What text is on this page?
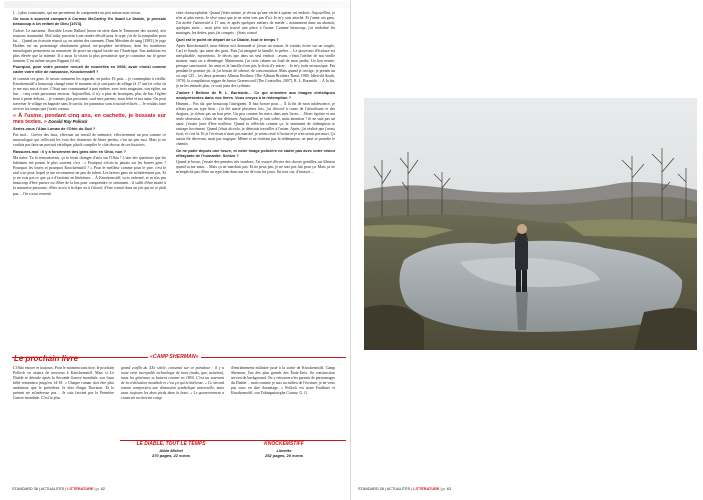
(…) plus consistants, qui me permettent de comprendre un peu mieux mon voisin.

On vous a souvent comparé à Cormac McCarthy. En lisant Le Diable, je pensais beaucoup à Un enfant de Dieu [1974].

J'adore. Le narrateur, l'horrible Lester Ballard [tueur en série dans le Tennessee des sixties], m'a toujours traumatisé. McCarthy parvient à me rendre désolé pour le type, j'ai de la sympathie pour lui… Quand un écrivain réussit ça, on atteint des sommets. Dans Méridien de sang [1985], le juge Holden est un personnage absolument génial, mi-prophète mi-démon, dont les nombreux monologues permettent au romancier de poser un regard lucide sur l'Amérique. Son ambition est plus élevée que la mienne. Il a aussi la vision la plus pessimiste que je connaisse sur le genre humain. C'est même un peu flippant [il rit].

Pourquoi, pour votre premier recueil de nouvelles en 2008, avoir choisi comme cadre votre ville de naissance, Knockemstiff ?

Je connais ces gens. Je savais comment les regarder, en parler. Et puis… je contemplais à vieillir. Knockemstiff a beaucoup changé entre le moment où je suis parti du village (à 17 ans) et celui où je me suis mis à écrire. C'était une communauté à part entière, avec trois magasins, son église, un bar… cinq cents personnes environ. Aujourd'hui, il n'y a plus de boutiques, plus de bar, l'église tient à peine debout… je connais plus personne, sauf mes parents, mon frère et ma sœur. On peut traverser le village en bagnole sans le savoir, les panneaux sont à moitié effacés… Je voulais faire revivre les temps que j'avais connus.

« À l'usine, pendant cinq ans, en cachette, je bossais sur mes textes. » Donald Ray Pollock

Seriez-vous l'Alan Lomax de l'Ohio du Sud ?

Pas mal… Grever des faux, effectuer un travail de mémoire, effectivement un peu comme ce musicologue qui collectait les voix des chanteurs de blues perdus, c'est un peu moi. Mais je ne voulais pas faire un portrait véridique, plutôt compiler le côté obscur de ces histoires.

Rassurez-moi : il y a forcément des gens bien en Ohio, non ?

Ma mère. Tu la rencontrerais, ça te ferait changer d'avis sur l'Ohio ! L'une des questions que les habitants me posent le plus souvent c'est : « Pourquoi n'écris-tu jamais sur les braves gens ? Pourquoi les losers et pourquoi Knockemstiff ? » Pour le meilleur comme pour le pire, c'est le seul truc pour lequel je me reconnaisse un peu de talent. Les braves gens ne m'intéressent pas. Et je ne vois pas ce que ça a d'excitant en littérature… À Knockemstiff, tu es enfermé, et tu n'as pas beaucoup d'être pauvre ou d'être de la bas pour comprendre ce sentiment : il suffit d'être marié à la mauvaise personne, d'être accro à la dope ou à l'alcool, d'être coincé dans un job qui ne te plaît pas… On a tous ressenti

cette claustrophobie. Quand j'étais môme, je rêvais qu'une vérité à quitter cet endroit. Aujourd'hui, je n'en ai plus envie. Je rêve aussi que je ne m'en vais pas d'ici. Je m'y suis attaché. Et j'aime ces gens. J'ai arrêté l'université à 17 ans, et après quelques métiers de merde – notamment dans un abattoir, quelques mois – mon père m'a trouvé une place à l'usine. Comme beaucoup, j'ai enchaîné les mariages, les dettes, puis j'ai compris : j'étais coincé.

Quel est le point de départ de Le Diable, tout le temps ?

Après Knockemstiff, mon éditeur m'a demandé si j'avais un roman. Je voulais écrire sur un couple, Carl et Sandy, qui tuent des gens. Puis j'ai imaginé la famille, le prêtre… Le processus d'écriture est inexplicable, mystérieux. Je décris que dans un seul endroit : avant, c'était l'atelier de ma vieille maison, mais on a déménagé. Maintenant, j'ai cette cabane au fond de mon jardin. Un lieu neutre, presque sanctuarisé, les amis et la famille n'ont pas le droit d'y entrer… Je m'y isole en musique. Pas pendant le premier jet, là j'ai besoin de silence, de concentration. Mais quand je corrige, je prends un ou sept CD – les deux premiers Allman Brothers [The Allman Brothers Band, 1969, Idlewild South, 1970], la compilation reggae de Junior Greenwood [The Controller, 2007], R. L. Burnside… À la fin, je ne les entends plus, ce sont juste des rythmes.

J'adore I Believe de R. L. Burnside… Ce qui m'amène aux images christiques omniprésentes dans vos livres. Vous croyez à la rédemption ?

Hmmm… Pas sûr que beaucoup l'atteignent. Il faut bosser pour… À la fin de mon adolescence, je n'étais pas un type bien : j'ai été marié plusieurs fois, j'ai divorcé à cause de l'alcoolisme et des drogues, je n'étais pas un bon père. Un peu comme les mecs dans mes livres… J'étais égoïste et ma seule obsession, c'était de me défoncer. Aujourd'hui, je suis sobre, mais attention ! Je ne suis pas un saint, j'essaie juste d'être meilleur. Quand tu réfléchis comme ça, le sentiment de rédemption te rattrape forcément. Quand j'étais alcoolo, je détestais travailler à l'usine. Après, j'ai réalisé que j'avais écrit, et c'est là. Et je l'écrivais n'avait pas marché, je serais resté à l'usine et je n'en serais pas mort. Ça aurait été décevant, mais pas tragique. Même si ne n'atteint pas la rédemption, on peut se prendre le chemin.

On ne parle depuis une heure, et votre image policière ne cadre pas avec votre vision effrayante de l'humanité. Schizo ?

Quand je bosse, j'essaie des pensées très sombres. J'ai essayé d'écrire des choses gentilles, un illusion quand tu me mais… Mais ça ne marchait pas. Et ne peux pas, je ne suis pas fait pour ça. Mais ça ne m'empêche pas d'être un type bien dans ma vie de tous les jours. En tout cas, d'essayer…

Le prochain livre	«CAMP SHERMAN»
L'Ohio encore et toujours. Pour le moment sans titre, le prochain Pollock va situera de nouveau à Knockemstiff. Mais si Le Diable se déroule après la Seconde Guerre mondiale, son futur bébé remontera jusqu'en 14-18. « Chaque roman doit être plus ambitieux que le précédent. Je dois élargir l'horizon. Et le présent ne m'intéresse pas… Je suis fasciné par la Première Guerre mondiale. C'est le plus
grand conflit du XXe siècle, construit sur ce paradoxe : il y a toute cette incroyable technologie de mort (tanks, gaz, aviation), mais les généraux se battent comme en 1850. C'est un tournant de la civilisation mondiale et c'est ça qui m'intéresse. » Ce second roman comportera une dimension symbolique universelle, mais aura toujours les deux pieds dans la boue. « Le gouvernement a construit un énorme camp
d'entraînement militaire juste à la sortie de Knockemstiff, Camp Sherman, l'un des plus grands des États-Unis. Sa construction servira de background. On y retrouvera les parents de personnages du Diable… mais comme je suis au milieu de l'écriture, je ne veux pas vous en dire davantage. » Pollock est notre Faulkner et Knockemstiff, son Yoknapatawpha County. G. G.
LE DIABLE, TOUT LE TEMPS
Albin Michel
370 pages, 22 euros
KNOCKEMSTIFF
Libretto
252 pages, 20 euros
STANDARD 38 | ACTUALITÉS | LITTÉRATURE | p. 62	STANDARD 38 | ACTUALITÉS | LITTÉRATURE | p. 63
